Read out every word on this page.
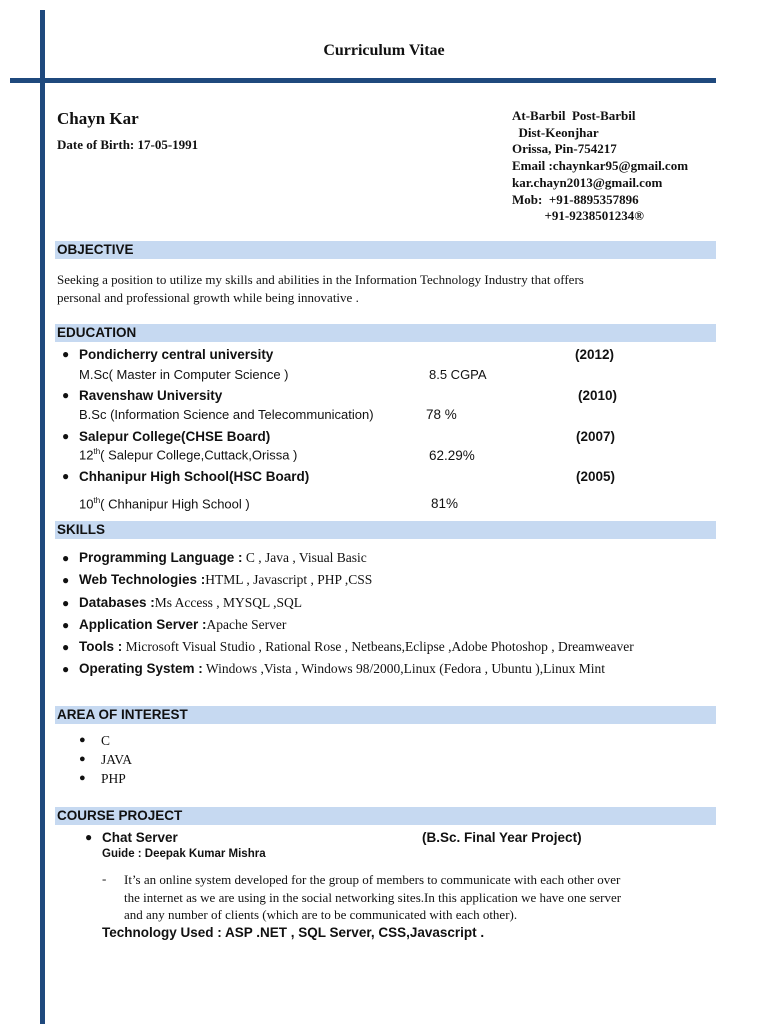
Curriculum Vitae
Chayn Kar
Date of Birth: 17-05-1991
At-Barbil  Post-Barbil
Dist-Keonjhar
Orissa, Pin-754217
Email :chaynkar95@gmail.com
kar.chayn2013@gmail.com
Mob:  +91-8895357896
+91-9238501234®
OBJECTIVE
Seeking a position to utilize my skills and abilities in the Information Technology Industry that offers
personal and professional growth while being innovative .
EDUCATION
● Pondicherry central university	(2012)
M.Sc( Master in Computer Science )	8.5 CGPA
● Ravenshaw University	(2010)
B.Sc (Information Science and Telecommunication)	78 %
● Salepur College(CHSE Board)	(2007)
12th( Salepur College,Cuttack,Orissa )	62.29%
● Chhanipur High School(HSC Board)	(2005)
10th( Chhanipur High School )	81%
SKILLS
● Programming Language : C , Java , Visual Basic
● Web Technologies :HTML , Javascript , PHP ,CSS
● Databases :Ms Access , MYSQL ,SQL
● Application Server :Apache Server
● Tools : Microsoft Visual Studio , Rational Rose , Netbeans,Eclipse ,Adobe Photoshop , Dreamweaver
● Operating System : Windows ,Vista , Windows 98/2000,Linux (Fedora , Ubuntu ),Linux Mint
AREA OF INTEREST
● C
● JAVA
● PHP
COURSE PROJECT
● Chat Server	(B.Sc. Final Year Project)
Guide : Deepak Kumar Mishra
- It’s an online system developed for the group of members to communicate with each other over
the internet as we are using in the social networking sites.In this application we have one server
and any number of clients (which are to be communicated with each other).
Technology Used : ASP .NET , SQL Server, CSS,Javascript .
